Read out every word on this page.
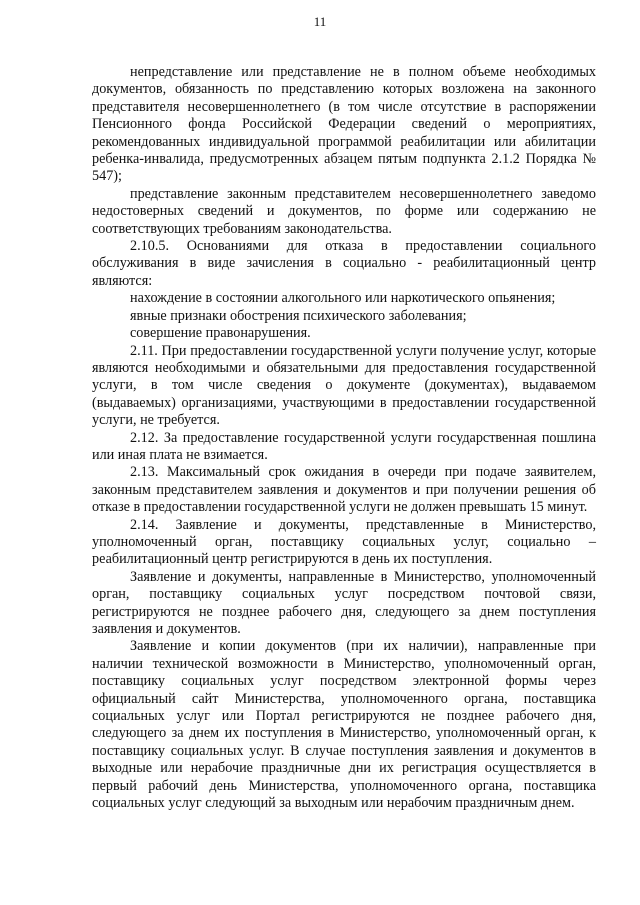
11

непредставление или представление не в полном объеме необходимых документов, обязанность по представлению которых возложена на законного представителя несовершеннолетнего (в том числе отсутствие в распоряжении Пенсионного фонда Российской Федерации сведений о мероприятиях, рекомендованных индивидуальной программой реабилитации или абилитации ребенка-инвалида, предусмотренных абзацем пятым подпункта 2.1.2 Порядка № 547);

представление законным представителем несовершеннолетнего заведомо недостоверных сведений и документов, по форме или содержанию не соответствующих требованиям законодательства.

2.10.5. Основаниями для отказа в предоставлении социального обслуживания в виде зачисления в социально - реабилитационный центр являются:

нахождение в состоянии алкогольного или наркотического опьянения;

явные признаки обострения психического заболевания;

совершение правонарушения.

2.11. При предоставлении государственной услуги получение услуг, которые являются необходимыми и обязательными для предоставления государственной услуги, в том числе сведения о документе (документах), выдаваемом (выдаваемых) организациями, участвующими в предоставлении государственной услуги, не требуется.

2.12. За предоставление государственной услуги государственная пошлина или иная плата не взимается.

2.13. Максимальный срок ожидания в очереди при подаче заявителем, законным представителем заявления и документов и при получении решения об отказе в предоставлении государственной услуги не должен превышать 15 минут.

2.14. Заявление и документы, представленные в Министерство, уполномоченный орган, поставщику социальных услуг, социально – реабилитационный центр регистрируются в день их поступления.

Заявление и документы, направленные в Министерство, уполномоченный орган, поставщику социальных услуг посредством почтовой связи, регистрируются не позднее рабочего дня, следующего за днем поступления заявления и документов.

Заявление и копии документов (при их наличии), направленные при наличии технической возможности в Министерство, уполномоченный орган, поставщику социальных услуг посредством электронной формы через официальный сайт Министерства, уполномоченного органа, поставщика социальных услуг или Портал регистрируются не позднее рабочего дня, следующего за днем их поступления в Министерство, уполномоченный орган, к поставщику социальных услуг. В случае поступления заявления и документов в выходные или нерабочие праздничные дни их регистрация осуществляется в первый рабочий день Министерства, уполномоченного органа, поставщика социальных услуг следующий за выходным или нерабочим праздничным днем.
